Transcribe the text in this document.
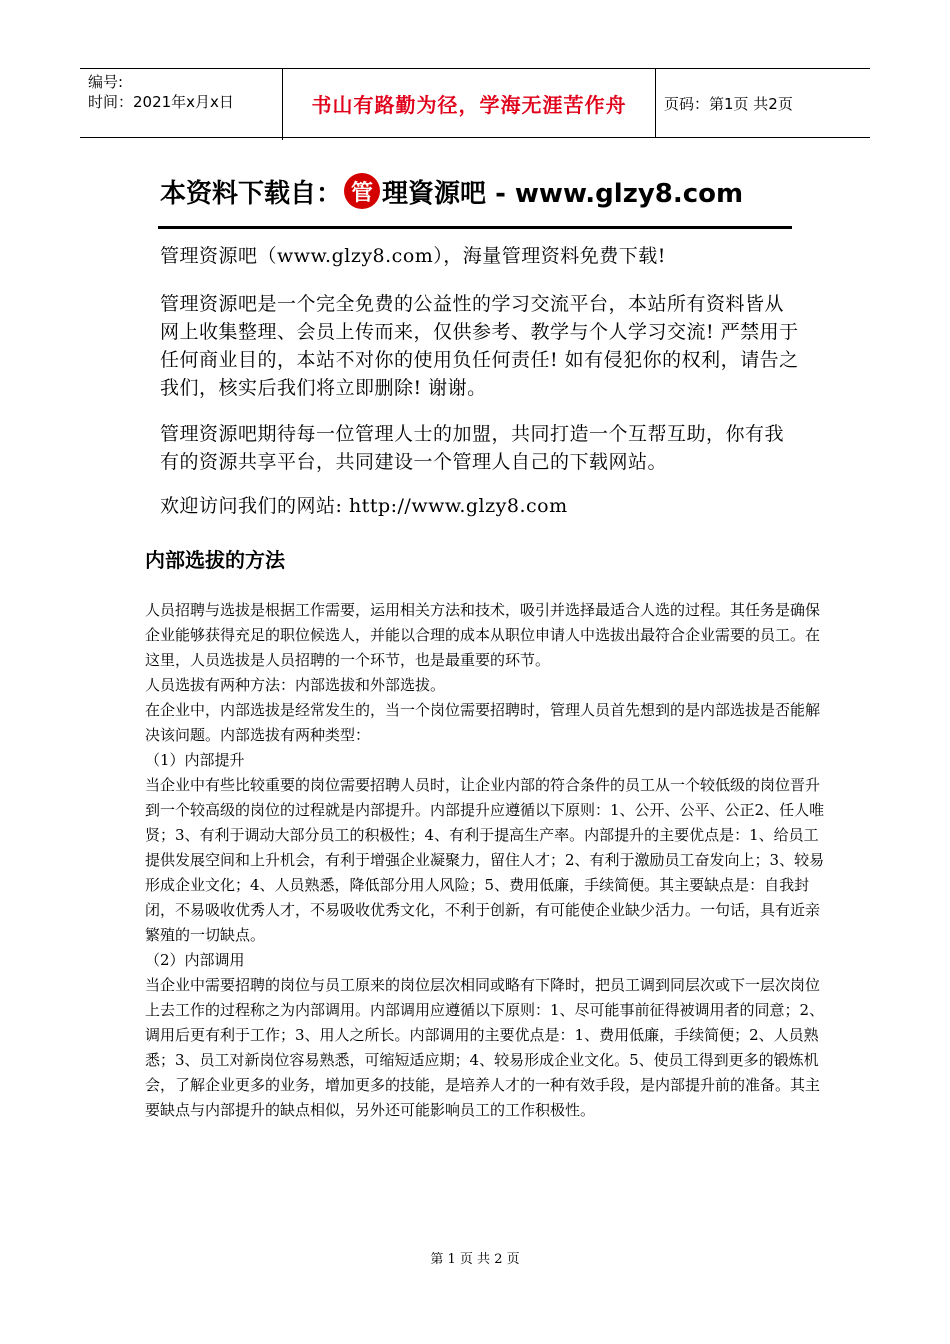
编号:
时间：2021年x月x日	书山有路勤为径，学海无涯苦作舟	页码：第1页 共2页
本资料下载自： 管 理資源吧 - www.glzy8.com
管理资源吧（www.glzy8.com），海量管理资料免费下载!
管理资源吧是一个完全免费的公益性的学习交流平台，本站所有资料皆从网上收集整理、会员上传而来，仅供参考、教学与个人学习交流! 严禁用于任何商业目的，本站不对你的使用负任何责任! 如有侵犯你的权利，请告之我们，核实后我们将立即删除! 谢谢。
管理资源吧期待每一位管理人士的加盟，共同打造一个互帮互助，你有我有的资源共享平台，共同建设一个管理人自己的下载网站。
欢迎访问我们的网站: http://www.glzy8.com
内部选拔的方法

人员招聘与选拔是根据工作需要，运用相关方法和技术，吸引并选择最适合人选的过程。其任务是确保企业能够获得充足的职位候选人，并能以合理的成本从职位申请人中选拔出最符合企业需要的员工。在这里，人员选拔是人员招聘的一个环节，也是最重要的环节。

人员选拔有两种方法：内部选拔和外部选拔。

在企业中，内部选拔是经常发生的，当一个岗位需要招聘时，管理人员首先想到的是内部选拔是否能解决该问题。内部选拔有两种类型：

（1）内部提升

当企业中有些比较重要的岗位需要招聘人员时，让企业内部的符合条件的员工从一个较低级的岗位晋升到一个较高级的岗位的过程就是内部提升。内部提升应遵循以下原则：1、公开、公平、公正2、任人唯贤；3、有利于调动大部分员工的积极性；4、有利于提高生产率。内部提升的主要优点是：1、给员工提供发展空间和上升机会，有利于增强企业凝聚力，留住人才；2、有利于激励员工奋发向上；3、较易形成企业文化；4、人员熟悉，降低部分用人风险；5、费用低廉，手续简便。其主要缺点是：自我封闭，不易吸收优秀人才，不易吸收优秀文化，不利于创新，有可能使企业缺少活力。一句话，具有近亲繁殖的一切缺点。

（2）内部调用

当企业中需要招聘的岗位与员工原来的岗位层次相同或略有下降时，把员工调到同层次或下一层次岗位上去工作的过程称之为内部调用。内部调用应遵循以下原则：1、尽可能事前征得被调用者的同意；2、调用后更有利于工作；3、用人之所长。内部调用的主要优点是：1、费用低廉，手续简便；2、人员熟悉；3、员工对新岗位容易熟悉，可缩短适应期；4、较易形成企业文化。5、使员工得到更多的锻炼机会，了解企业更多的业务，增加更多的技能，是培养人才的一种有效手段，是内部提升前的准备。其主要缺点与内部提升的缺点相似，另外还可能影响员工的工作积极性。

第 1 页 共 2 页
